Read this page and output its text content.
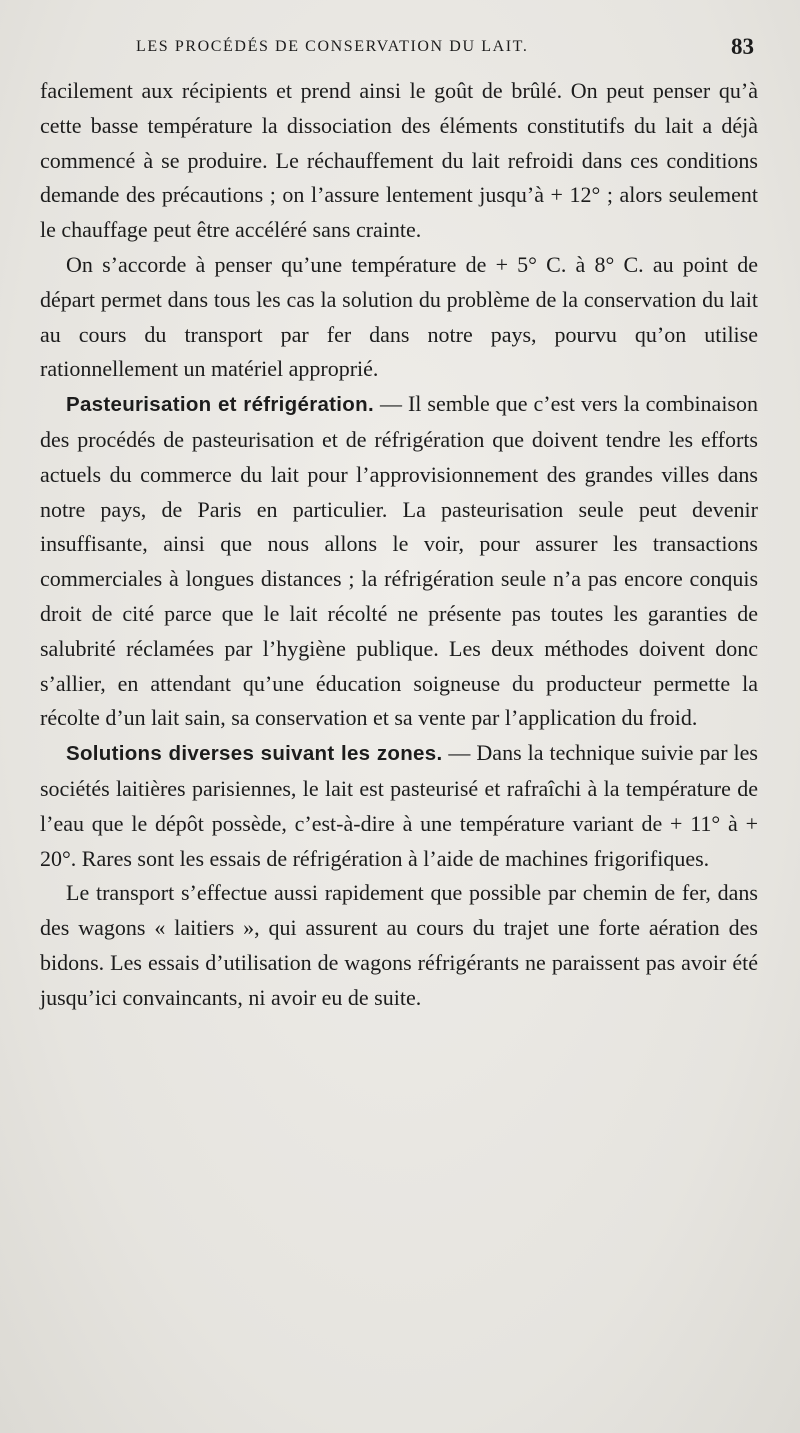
LES PROCÉDÉS DE CONSERVATION DU LAIT.	83

facilement aux récipients et prend ainsi le goût de brûlé. On peut penser qu’à cette basse température la dissociation des éléments constitutifs du lait a déjà commencé à se produire. Le réchauffement du lait refroidi dans ces conditions demande des précautions ; on l’assure lentement jusqu’à + 12° ; alors seulement le chauffage peut être accéléré sans crainte.

On s’accorde à penser qu’une température de + 5° C. à 8° C. au point de départ permet dans tous les cas la solution du problème de la conservation du lait au cours du transport par fer dans notre pays, pourvu qu’on utilise rationnellement un matériel approprié.

Pasteurisation et réfrigération. — Il semble que c’est vers la combinaison des procédés de pasteurisation et de réfrigération que doivent tendre les efforts actuels du commerce du lait pour l’approvisionnement des grandes villes dans notre pays, de Paris en particulier. La pasteurisation seule peut devenir insuffisante, ainsi que nous allons le voir, pour assurer les transactions commerciales à longues distances ; la réfrigération seule n’a pas encore conquis droit de cité parce que le lait récolté ne présente pas toutes les garanties de salubrité réclamées par l’hygiène publique. Les deux méthodes doivent donc s’allier, en attendant qu’une éducation soigneuse du producteur permette la récolte d’un lait sain, sa conservation et sa vente par l’application du froid.

Solutions diverses suivant les zones. — Dans la technique suivie par les sociétés laitières parisiennes, le lait est pasteurisé et rafraîchi à la température de l’eau que le dépôt possède, c’est-à-dire à une température variant de + 11° à + 20°. Rares sont les essais de réfrigération à l’aide de machines frigorifiques.

Le transport s’effectue aussi rapidement que possible par chemin de fer, dans des wagons « laitiers », qui assurent au cours du trajet une forte aération des bidons. Les essais d’utilisation de wagons réfrigérants ne paraissent pas avoir été jusqu’ici convaincants, ni avoir eu de suite.
